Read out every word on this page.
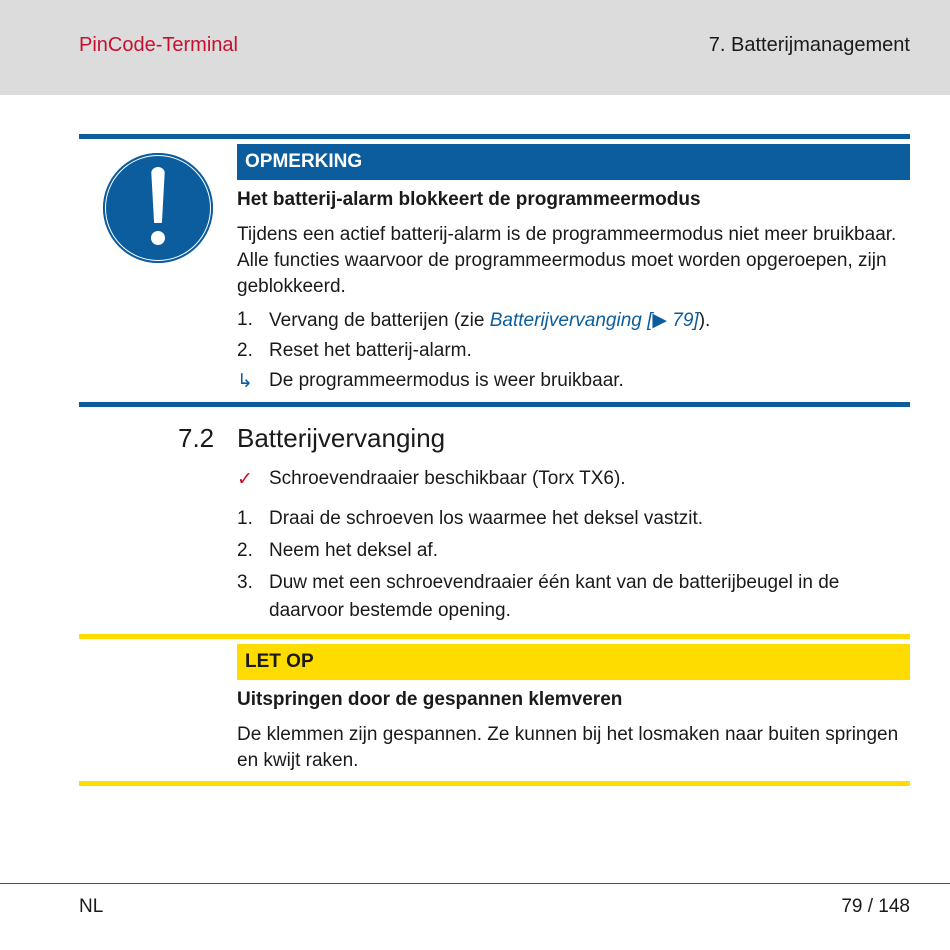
PinCode-Terminal	7. Batterijmanagement
OPMERKING
Het batterij-alarm blokkeert de programmeermodus
Tijdens een actief batterij-alarm is de programmeermodus niet meer bruikbaar. Alle functies waarvoor de programmeermodus moet worden opgeroepen, zijn geblokkeerd.
1. Vervang de batterijen (zie Batterijvervanging [▶ 79]).
2. Reset het batterij-alarm.
↳ De programmeermodus is weer bruikbaar.
7.2 Batterijvervanging
✓ Schroevendraaier beschikbaar (Torx TX6).
1. Draai de schroeven los waarmee het deksel vastzit.
2. Neem het deksel af.
3. Duw met een schroevendraaier één kant van de batterijbeugel in de
daarvoor bestemde opening.
LET OP
Uitspringen door de gespannen klemveren
De klemmen zijn gespannen. Ze kunnen bij het losmaken naar buiten springen en kwijt raken.
NL	79 / 148
